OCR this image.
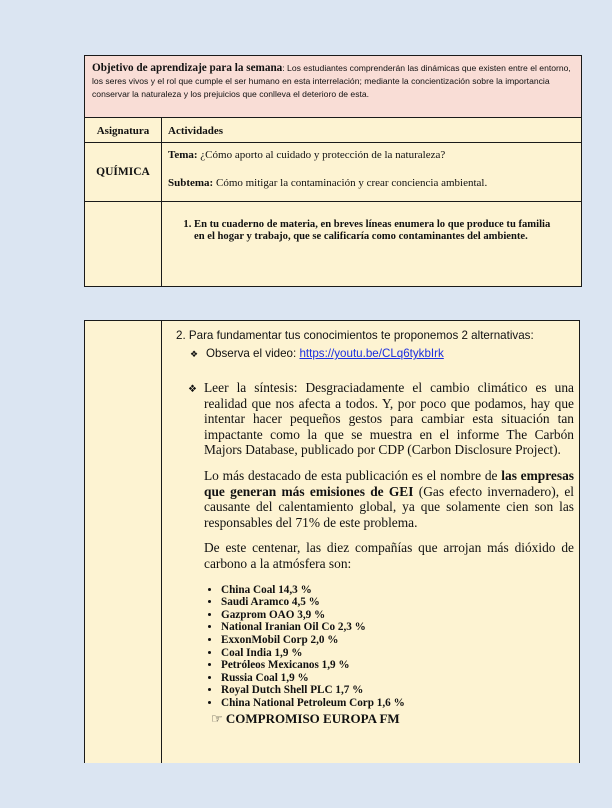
Objetivo de aprendizaje para la semana: Los estudiantes comprenderán las dinámicas que existen entre el entorno, los seres vivos y el rol que cumple el ser humano en esta interrelación; mediante la concientización sobre la importancia conservar la naturaleza y los prejuicios que conlleva el deterioro de esta.
Asignatura	Actividades
QUÍMICA

Tema: ¿Cómo aporto al cuidado y protección de la naturaleza?

Subtema: Cómo mitigar la contaminación y crear conciencia ambiental.

1. En tu cuaderno de materia, en breves líneas enumera lo que produce tu familia en el hogar y trabajo, que se calificaría como contaminantes del ambiente.

2. Para fundamentar tus conocimientos te proponemos 2 alternativas:

❖ Observa el video: https://youtu.be/CLq6tykbIrk

❖ Leer la síntesis: Desgraciadamente el cambio climático es una realidad que nos afecta a todos. Y, por poco que podamos, hay que intentar hacer pequeños gestos para cambiar esta situación tan impactante como la que se muestra en el informe The Carbón Majors Database, publicado por CDP (Carbon Disclosure Project).

Lo más destacado de esta publicación es el nombre de las empresas que generan más emisiones de GEI (Gas efecto invernadero), el causante del calentamiento global, ya que solamente cien son las responsables del 71% de este problema.

De este centenar, las diez compañías que arrojan más dióxido de carbono a la atmósfera son:

• China Coal 14,3 %
• Saudi Aramco 4,5 %
• Gazprom OAO 3,9 %
• National Iranian Oil Co 2,3 %
• ExxonMobil Corp 2,0 %
• Coal India 1,9 %
• Petróleos Mexicanos 1,9 %
• Russia Coal 1,9 %
• Royal Dutch Shell PLC 1,7 %
• China National Petroleum Corp 1,6 %

☞ COMPROMISO EUROPA FM
